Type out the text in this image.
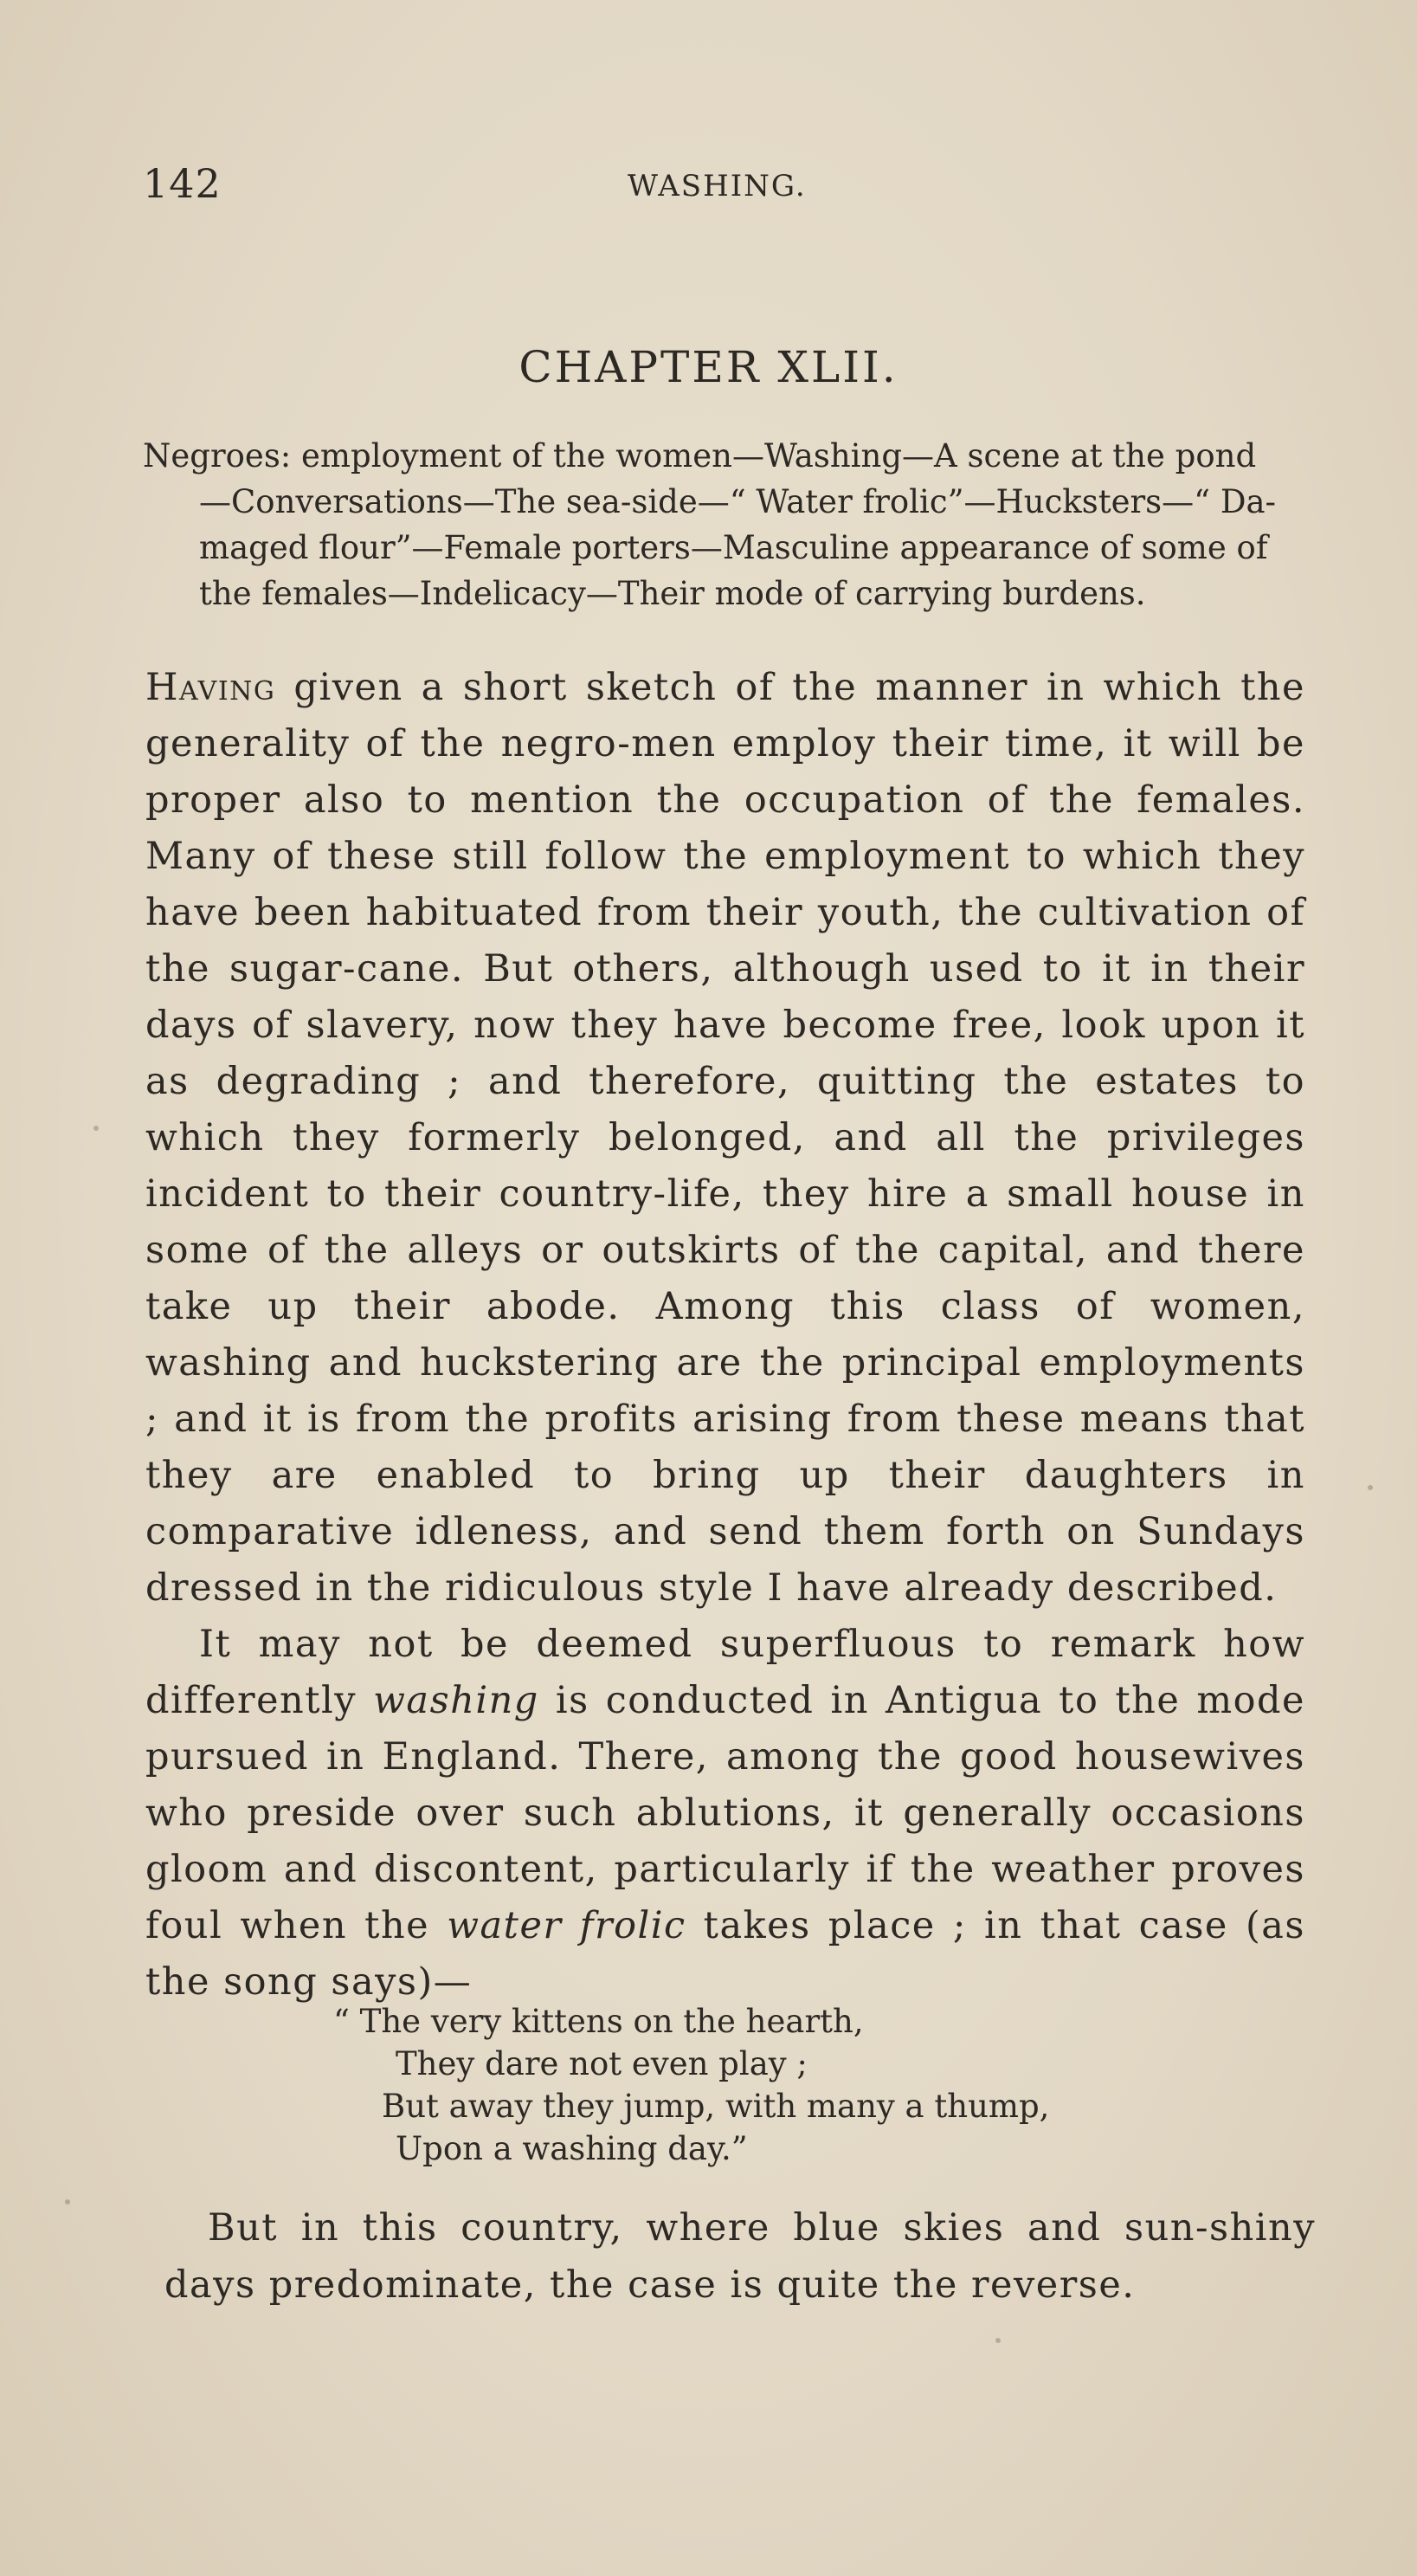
142	WASHING.
CHAPTER XLII.
Negroes: employment of the women—Washing—A scene at the pond
—Conversations—The sea-side—“ Water frolic”—Hucksters—“ Da-
maged flour”—Female porters—Masculine appearance of some of
the females—Indelicacy—Their mode of carrying burdens.

Having given a short sketch of the manner in which the generality of the negro-men employ their time, it will be proper also to mention the occupation of the females. Many of these still follow the employment to which they have been habituated from their youth, the cultivation of the sugar-cane. But others, although used to it in their days of slavery, now they have become free, look upon it as degrading ; and therefore, quitting the estates to which they formerly belonged, and all the privileges incident to their country-life, they hire a small house in some of the alleys or outskirts of the capital, and there take up their abode. Among this class of women, washing and huckstering are the principal employments ; and it is from the profits arising from these means that they are enabled to bring up their daughters in comparative idleness, and send them forth on Sundays dressed in the ridiculous style I have already described.

It may not be deemed superfluous to remark how differently washing is conducted in Antigua to the mode pursued in England. There, among the good housewives who preside over such ablutions, it generally occasions gloom and discontent, particularly if the weather proves foul when the water frolic takes place ; in that case (as the song says)—

“ The very kittens on the hearth,
They dare not even play ;
But away they jump, with many a thump,
Upon a washing day.”

But in this country, where blue skies and sun-shiny days predominate, the case is quite the reverse.
